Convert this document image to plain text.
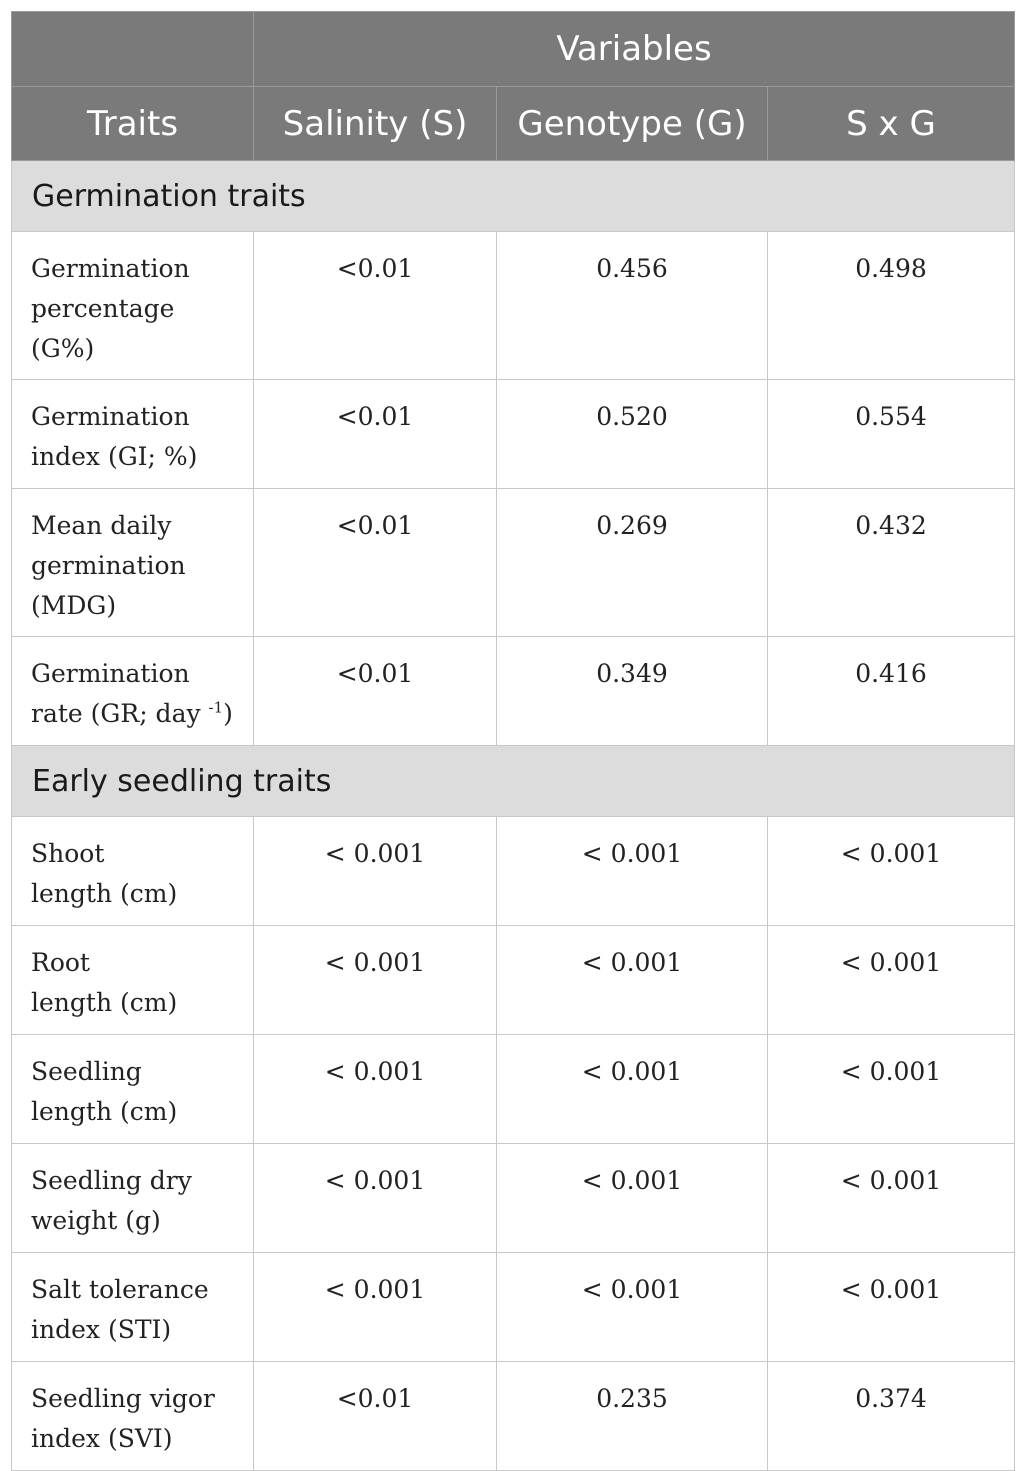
	Variables		
Traits	Salinity (S)	Genotype (G)	S x G
Germination traits			
Germination
percentage (G%)	<0.01	0.456	0.498
Germination
index (GI; %)	<0.01	0.520	0.554
Mean daily
germination
(MDG)	<0.01	0.269	0.432
Germination
rate (GR; day $^{-1}$)	<0.01	0.349	0.416
Early seedling traits			
Shoot
length (cm)	< 0.001	< 0.001	< 0.001
Root
length (cm)	< 0.001	< 0.001	< 0.001
Seedling
length (cm)	< 0.001	< 0.001	< 0.001
Seedling dry
weight (g)	< 0.001	< 0.001	< 0.001
Salt tolerance
index (STI)	< 0.001	< 0.001	< 0.001
Seedling vigor
index (SVI)	<0.01	0.235	0.374
